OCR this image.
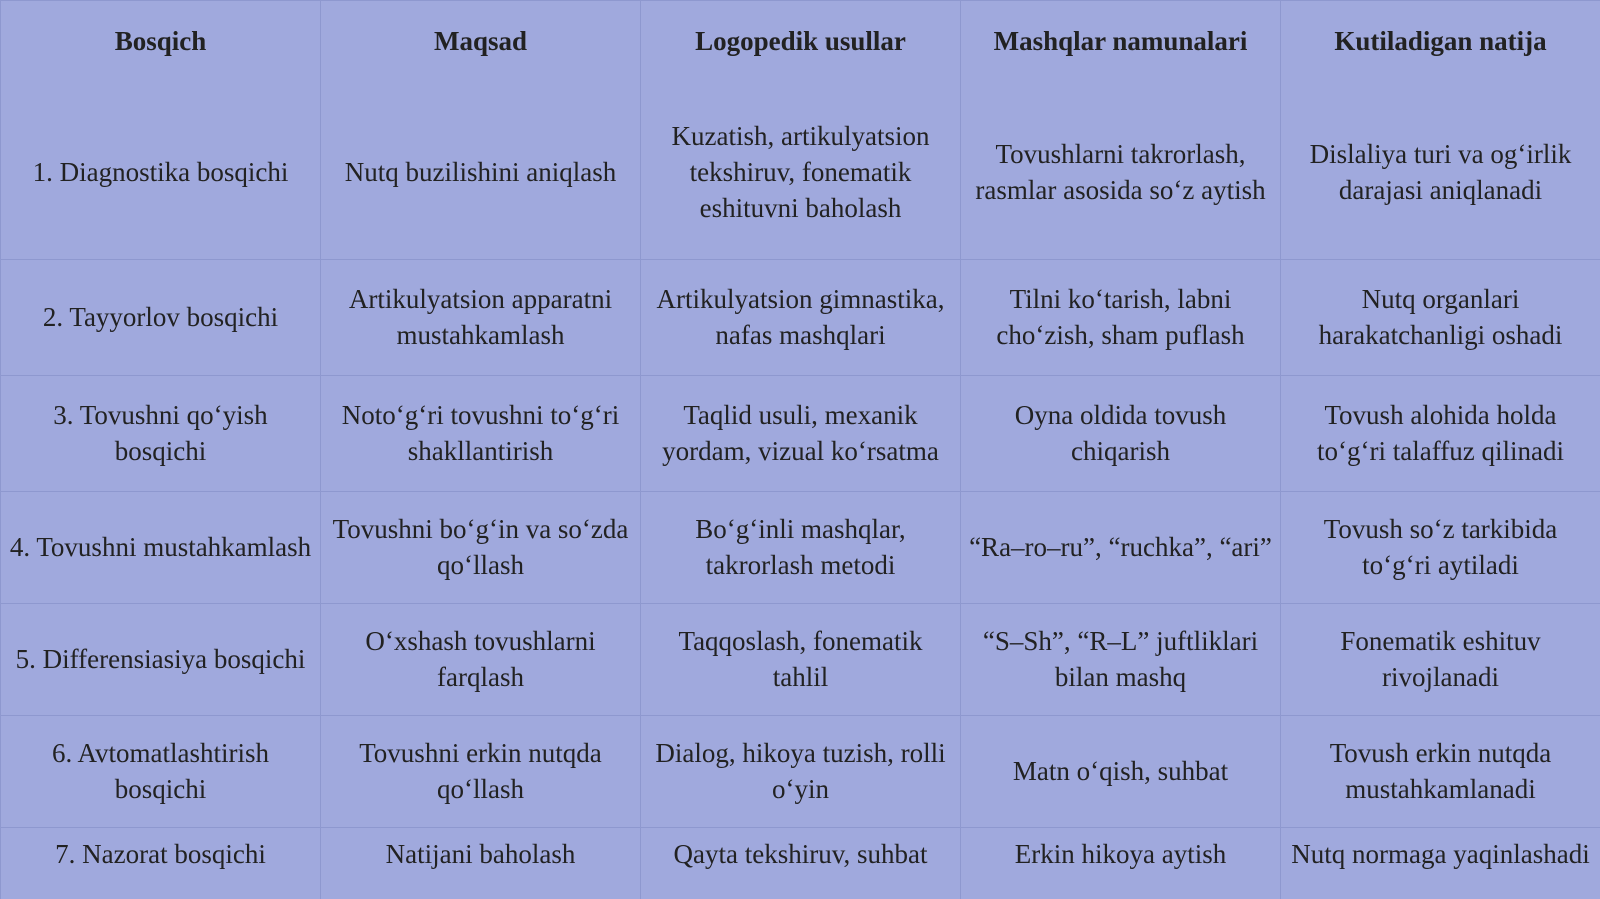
Bosqich	Maqsad	Logopedik usullar	Mashqlar namunalari	Kutiladigan natija
1. Diagnostika bosqichi	Nutq buzilishini aniqlash	Kuzatish, artikulyatsion tekshiruv, fonematik eshituvni baholash	Tovushlarni takrorlash, rasmlar asosida so‘z aytish	Dislaliya turi va og‘irlik darajasi aniqlanadi
2. Tayyorlov bosqichi	Artikulyatsion apparatni mustahkamlash	Artikulyatsion gimnastika, nafas mashqlari	Tilni ko‘tarish, labni cho‘zish, sham puflash	Nutq organlari harakatchanligi oshadi
3. Tovushni qo‘yish bosqichi	Noto‘g‘ri tovushni to‘g‘ri shakllantirish	Taqlid usuli, mexanik yordam, vizual ko‘rsatma	Oyna oldida tovush chiqarish	Tovush alohida holda to‘g‘ri talaffuz qilinadi
4. Tovushni mustahkamlash	Tovushni bo‘g‘in va so‘zda qo‘llash	Bo‘g‘inli mashqlar, takrorlash metodi	“Ra–ro–ru”, “ruchka”, “ari”	Tovush so‘z tarkibida to‘g‘ri aytiladi
5. Differensiasiya bosqichi	O‘xshash tovushlarni farqlash	Taqqoslash, fonematik tahlil	“S–Sh”, “R–L” juftliklari bilan mashq	Fonematik eshituv rivojlanadi
6. Avtomatlashtirish bosqichi	Tovushni erkin nutqda qo‘llash	Dialog, hikoya tuzish, rolli o‘yin	Matn o‘qish, suhbat	Tovush erkin nutqda mustahkamlanadi
7. Nazorat bosqichi	Natijani baholash	Qayta tekshiruv, suhbat	Erkin hikoya aytish	Nutq normaga yaqinlashadi
